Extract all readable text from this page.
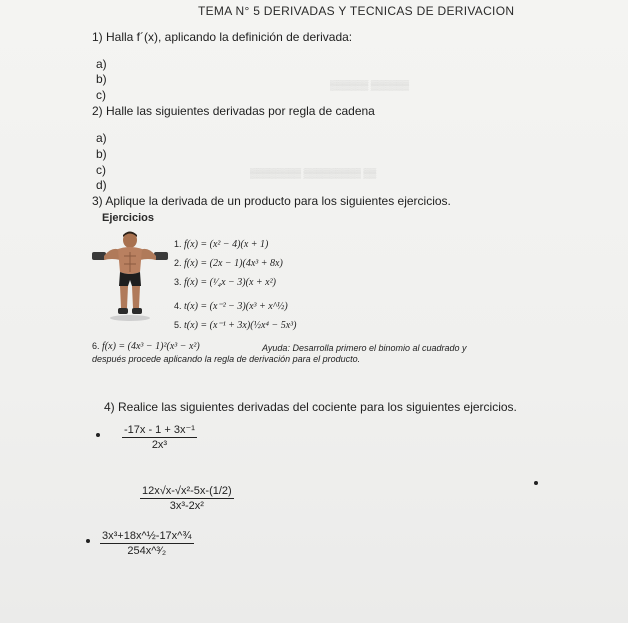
▒▒▒▒▒▒ ▒▒▒▒▒▒
▒▒▒▒▒▒▒▒ ▒▒▒▒▒▒▒▒▒ ▒▒
TEMA N° 5 DERIVADAS Y TECNICAS DE DERIVACION
1) Halla f´(x), aplicando la definición de derivada:
a)
b)
c)
2) Halle las siguientes derivadas por regla de cadena
a)
b)
c)
d)
3) Aplique la derivada de un producto para los siguientes ejercicios.
Ejercicios
1. f(x) = (x² − 4)(x + 1)
2. f(x) = (2x − 1)(4x³ + 8x)
3. f(x) = (¹⁄₄x − 3)(x + x²)
4. t(x) = (x⁻² − 3)(x³ + x^½)
5. t(x) = (x⁻¹ + 3x)(½x⁴ − 5x³)
6. f(x) = (4x³ − 1)²(x³ − x²)	Ayuda: Desarrolla primero el binomio al cuadrado y
después procede aplicando la regla de derivación para el producto.
4) Realice las siguientes derivadas del cociente para los siguientes ejercicios.
$\frac{\text{-17x - 1 + 3x⁻¹}}{\text{2x³}}$
$\frac{\text{12x√x-√x²-5x-(1/2)}}{\text{3x³-2x²}}$
$\frac{\text{3x³+18x\textasciicircum{}½-17x\textasciicircum{}¾}}{\text{254x\textasciicircum{}³⁄₂}}$
